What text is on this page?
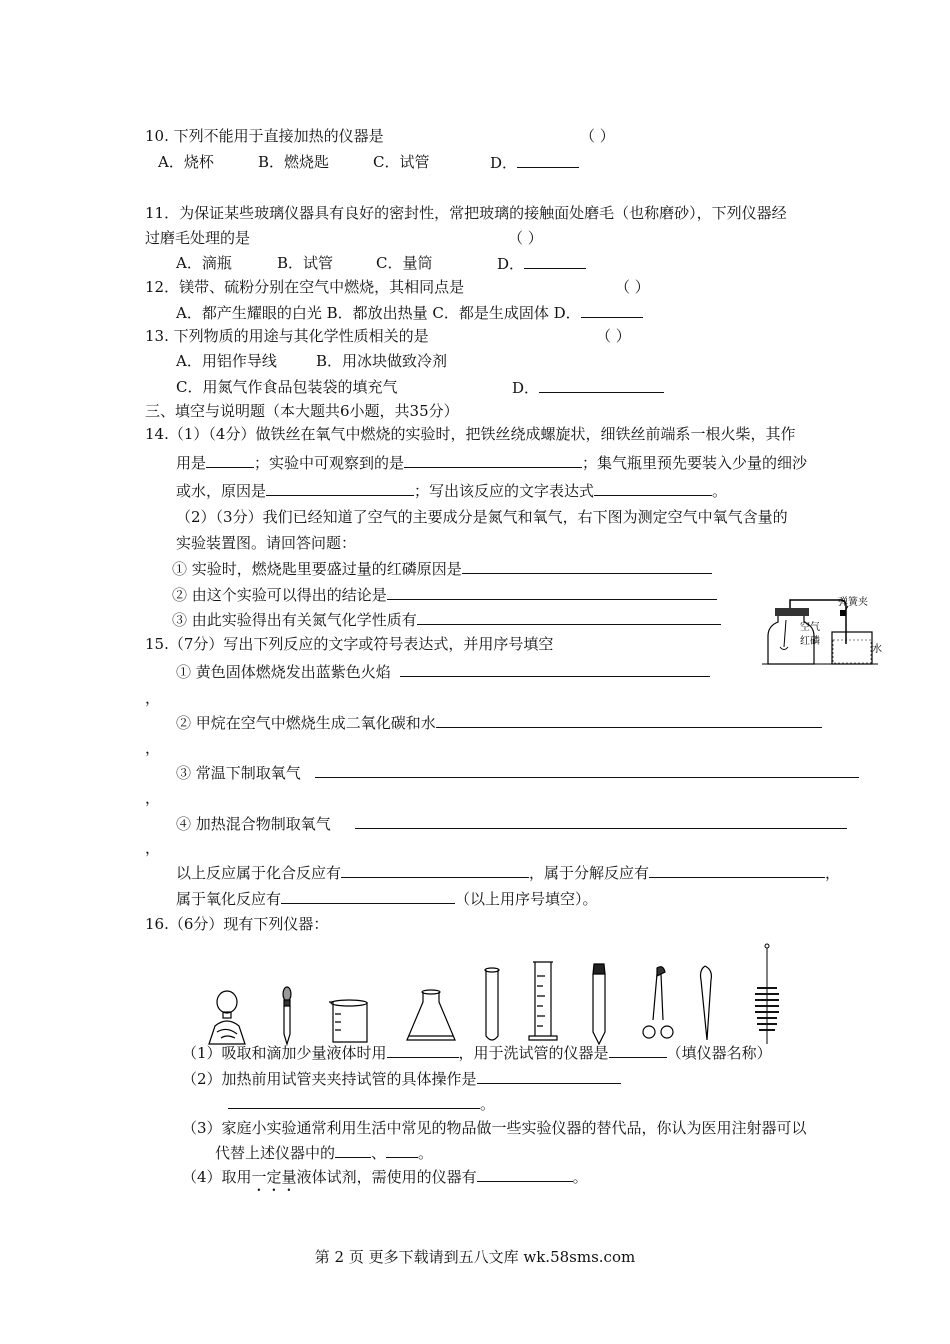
10. 下列不能用于直接加热的仪器是	（ ）
A．烧杯	B．燃烧匙	C．试管	D．
11．为保证某些玻璃仪器具有良好的密封性，常把玻璃的接触面处磨毛（也称磨砂），下列仪器经
过磨毛处理的是	（ ）
A．滴瓶	B．试管	C．量筒	D．
12．镁带、硫粉分别在空气中燃烧，其相同点是	（ ）
A．都产生耀眼的白光 B．都放出热量 C．都是生成固体 D．
13. 下列物质的用途与其化学性质相关的是	（ ）
A．用铝作导线	B．用冰块做致冷剂
C．用氮气作食品包装袋的填充气	D．
三、填空与说明题（本大题共6小题，共35分）
14.（1）（4分）做铁丝在氧气中燃烧的实验时，把铁丝绕成螺旋状，细铁丝前端系一根火柴，其作
用是	；实验中可观察到的是	；集气瓶里预先要装入少量的细沙
或水，原因是	；写出该反应的文字表达式	。
（2）（3分）我们已经知道了空气的主要成分是氮气和氧气，右下图为测定空气中氧气含量的
实验装置图。请回答问题：
① 实验时，燃烧匙里要盛过量的红磷原因是
② 由这个实验可以得出的结论是
③ 由此实验得出有关氮气化学性质有
弹簧夹
空气
红磷
水
15.（7分）写出下列反应的文字或符号表达式，并用序号填空
① 黄色固体燃烧发出蓝紫色火焰
，
② 甲烷在空气中燃烧生成二氧化碳和水
，
③ 常温下制取氧气
，
④ 加热混合物制取氧气
，
以上反应属于化合反应有	，属于分解反应有	，
属于氧化反应有	（以上用序号填空）。
16.（6分）现有下列仪器：
（1）吸取和滴加少量液体时用	，用于洗试管的仪器是	（填仪器名称）
（2）加热前用试管夹夹持试管的具体操作是
。
（3）家庭小实验通常利用生活中常见的物品做一些实验仪器的替代品，你认为医用注射器可以
代替上述仪器中的 、 。
（4）取用一定量液体试剂，需使用的仪器有	。
第 2 页 更多下载请到五八文库 wk.58sms.com
